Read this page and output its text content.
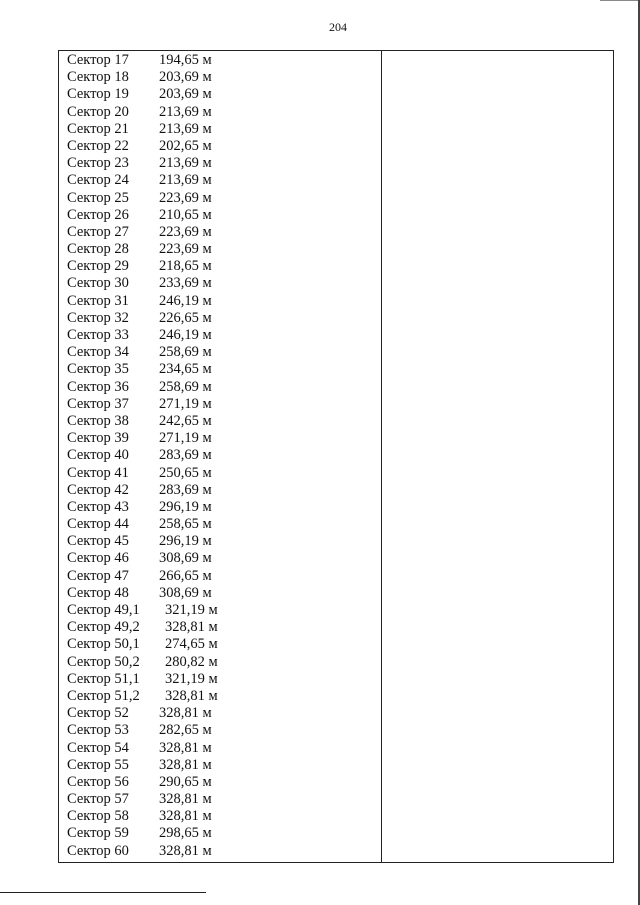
204
Сектор 17 194,65 м
Сектор 18 203,69 м
Сектор 19 203,69 м
Сектор 20 213,69 м
Сектор 21 213,69 м
Сектор 22 202,65 м
Сектор 23 213,69 м
Сектор 24 213,69 м
Сектор 25 223,69 м
Сектор 26 210,65 м
Сектор 27 223,69 м
Сектор 28 223,69 м
Сектор 29 218,65 м
Сектор 30 233,69 м
Сектор 31 246,19 м
Сектор 32 226,65 м
Сектор 33 246,19 м
Сектор 34 258,69 м
Сектор 35 234,65 м
Сектор 36 258,69 м
Сектор 37 271,19 м
Сектор 38 242,65 м
Сектор 39 271,19 м
Сектор 40 283,69 м
Сектор 41 250,65 м
Сектор 42 283,69 м
Сектор 43 296,19 м
Сектор 44 258,65 м
Сектор 45 296,19 м
Сектор 46 308,69 м
Сектор 47 266,65 м
Сектор 48 308,69 м
Сектор 49,1 321,19 м
Сектор 49,2 328,81 м
Сектор 50,1 274,65 м
Сектор 50,2 280,82 м
Сектор 51,1 321,19 м
Сектор 51,2 328,81 м
Сектор 52 328,81 м
Сектор 53 282,65 м
Сектор 54 328,81 м
Сектор 55 328,81 м
Сектор 56 290,65 м
Сектор 57 328,81 м
Сектор 58 328,81 м
Сектор 59 298,65 м
Сектор 60 328,81 м
